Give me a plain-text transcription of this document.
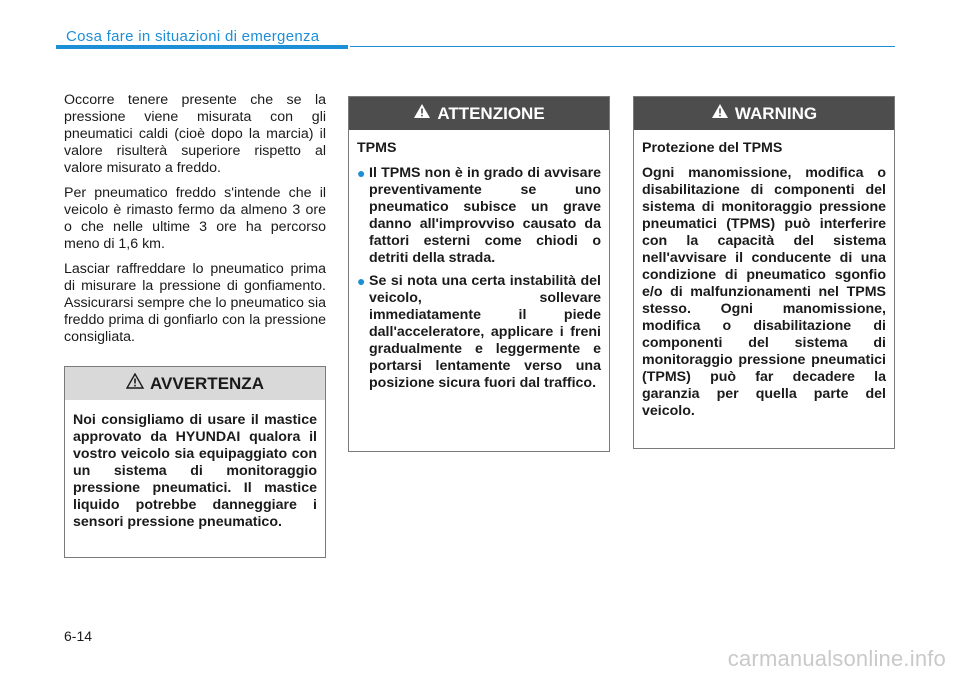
Cosa fare in situazioni di emergenza

Occorre tenere presente che se la pressione viene misurata con gli pneumatici caldi (cioè dopo la marcia) il valore risulterà superiore rispetto al valore misurato a freddo.

Per pneumatico freddo s'intende che il veicolo è rimasto fermo da almeno 3 ore o che nelle ultime 3 ore ha percorso meno di 1,6 km.

Lasciar raffreddare lo pneumatico prima di misurare la pressione di gonfiamento. Assicurarsi sempre che lo pneumatico sia freddo prima di gonfiarlo con la pressione consigliata.

AVVERTENZA

Noi consigliamo di usare il mastice approvato da HYUNDAI qualora il vostro veicolo sia equipaggiato con un sistema di monitoraggio pressione pneumatici. Il mastice liquido potrebbe danneggiare i sensori pressione pneumatico.

ATTENZIONE

TPMS

● Il TPMS non è in grado di avvisare preventivamente se uno pneumatico subisce un grave danno all'improvviso causato da fattori esterni come chiodi o detriti della strada.
● Se si nota una certa instabilità del veicolo, sollevare immediatamente il piede dall'acceleratore, applicare i freni gradualmente e leggermente e portarsi lentamente verso una posizione sicura fuori dal traffico.
WARNING

Protezione del TPMS

Ogni manomissione, modifica o disabilitazione di componenti del sistema di monitoraggio pressione pneumatici (TPMS) può interferire con la capacità del sistema nell'avvisare il conducente di una condizione di pneumatico sgonfio e/o di malfunzionamenti nel TPMS stesso. Ogni manomissione, modifica o disabilitazione di componenti del sistema di monitoraggio pressione pneumatici (TPMS) può far decadere la garanzia per quella parte del veicolo.

6-14
carmanualsonline.info
